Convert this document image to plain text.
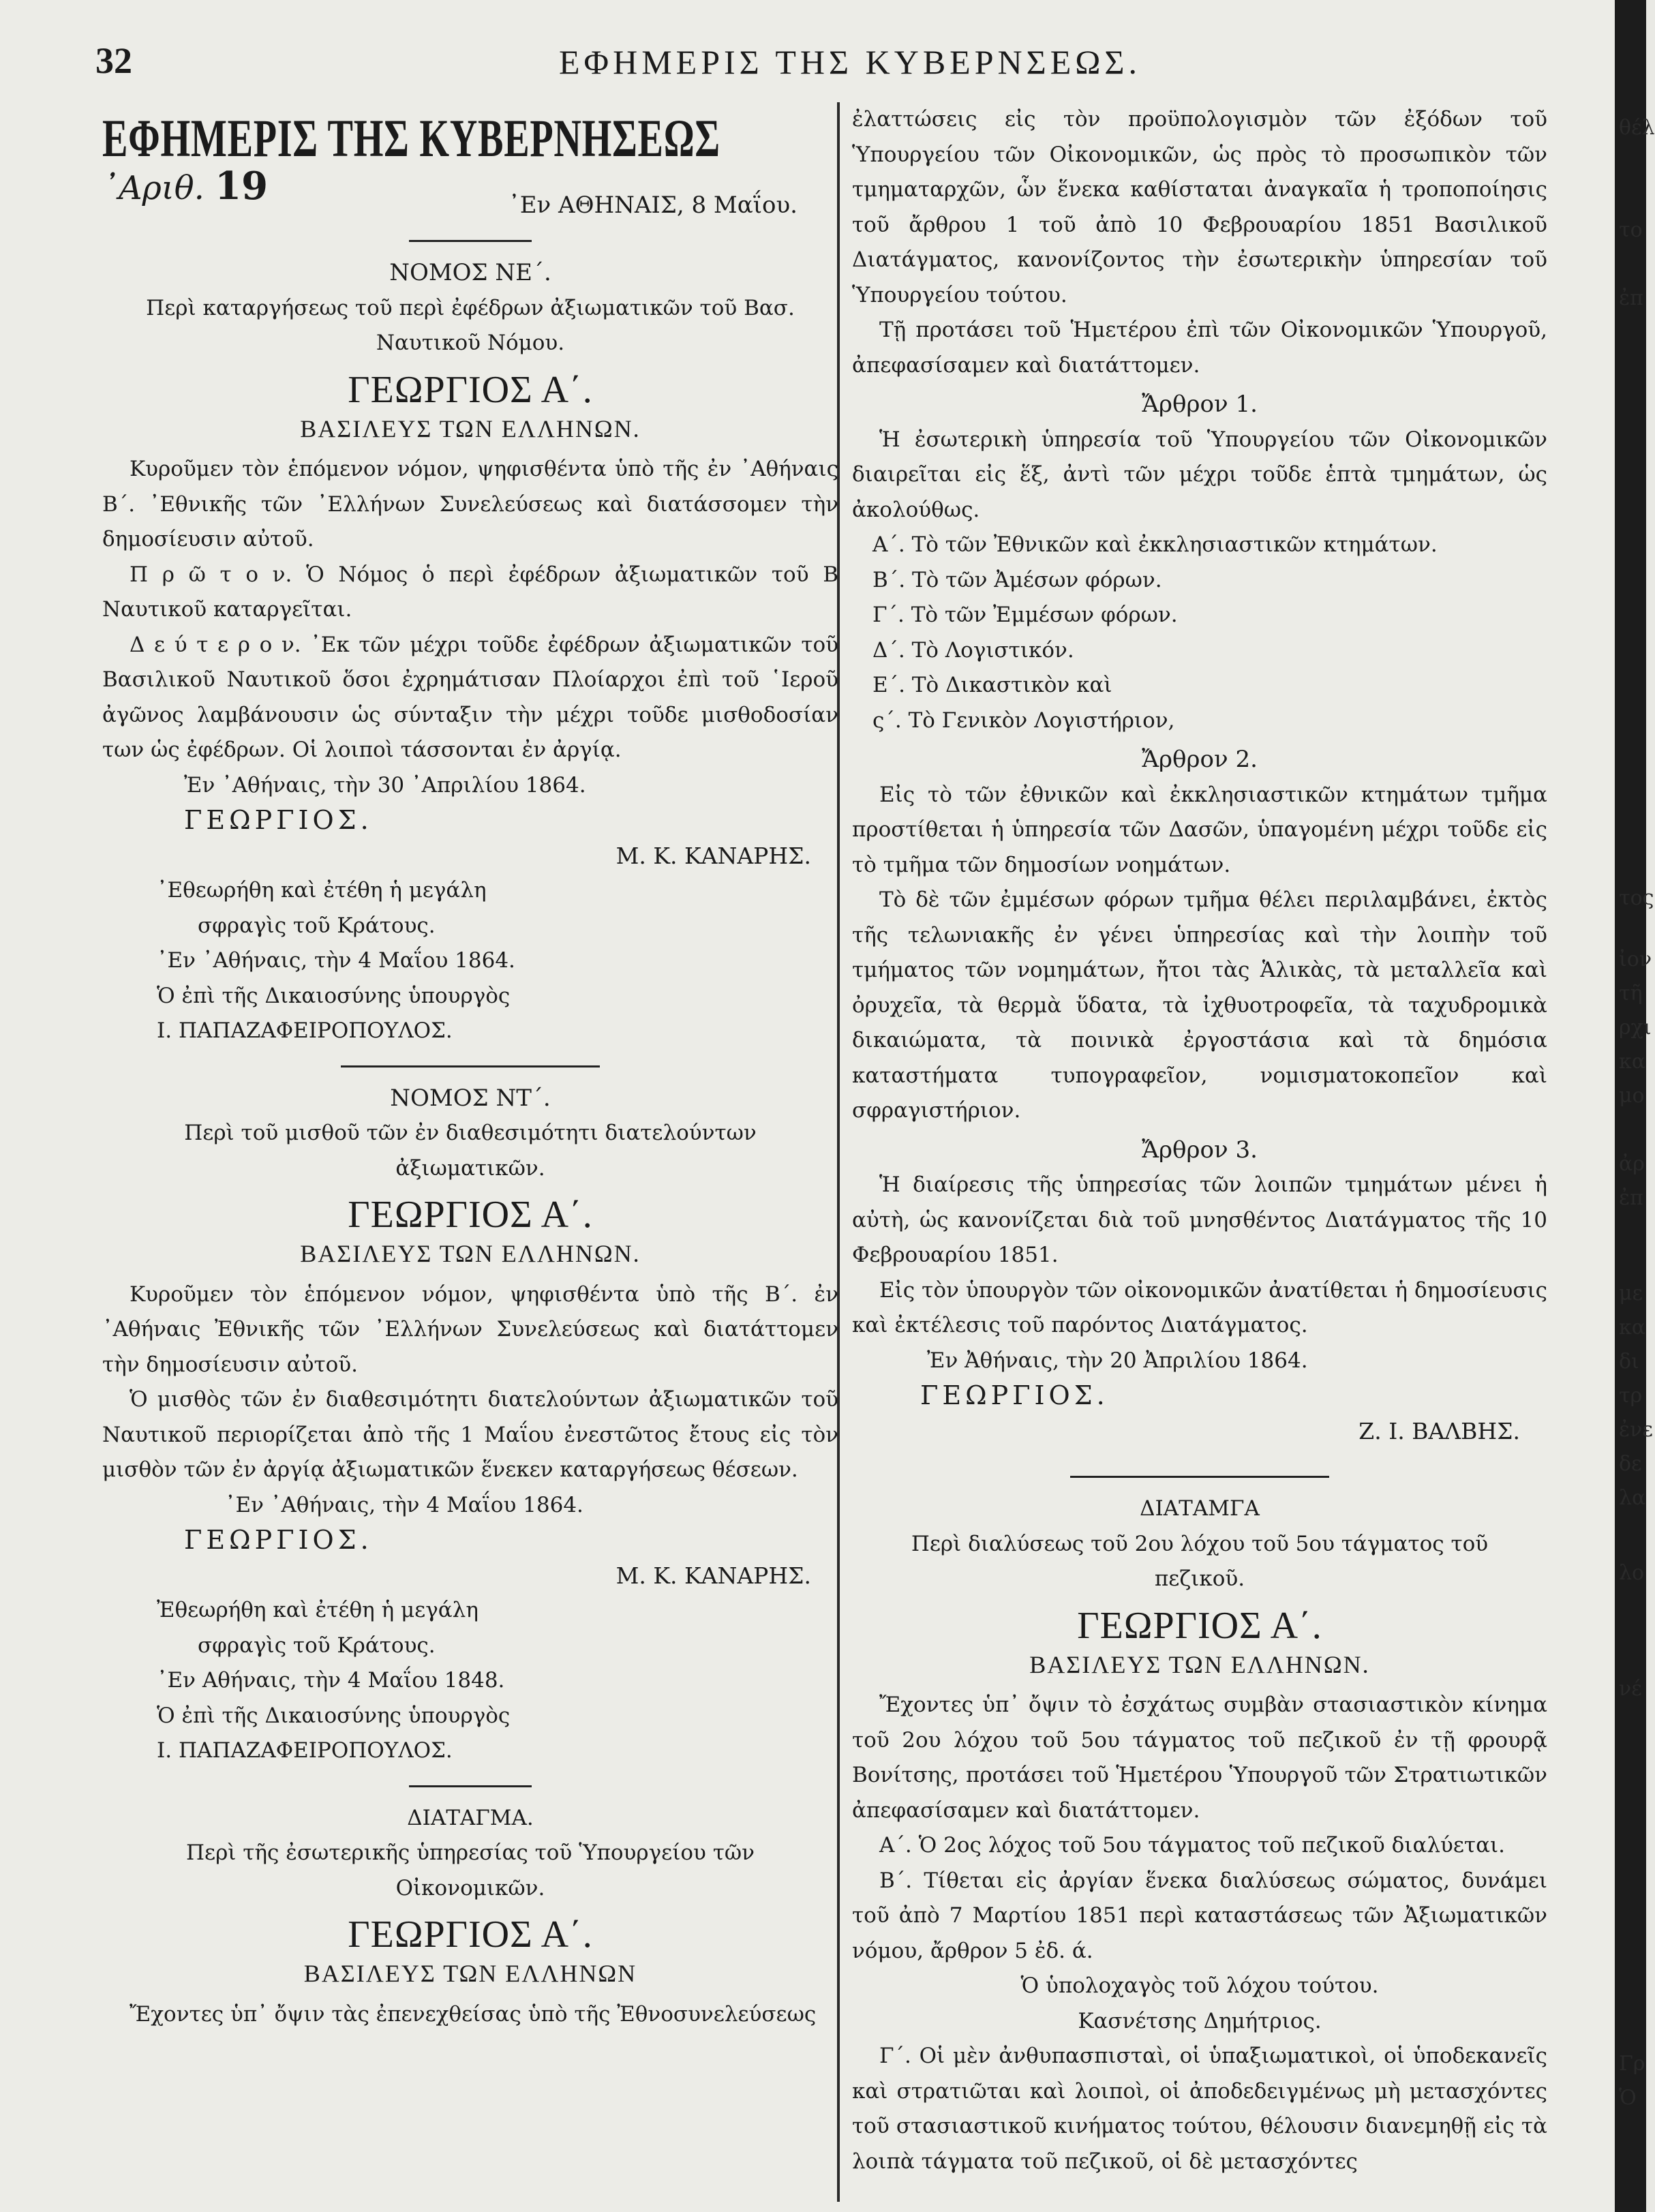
32	ΕΦΗΜΕΡΙΣ ΤΗΣ ΚΥΒΕΡΝΣΕΩΣ.

ΕΦΗΜΕΡΙΣ ΤΗΣ ΚΥΒΕΡΝΗΣΕΩΣ

᾿Αριθ. 19	᾿Εν ΑΘΗΝΑΙΣ, 8 Μαΐου.

ΝΟΜΟΣ ΝΕ΄.

Περὶ καταργήσεως τοῦ περὶ ἐφέδρων ἀξιωματικῶν τοῦ Βασ. Ναυτικοῦ Νόμου.

ΓΕΩΡΓΙΟΣ Α΄.

ΒΑΣΙΛΕΥΣ ΤΩΝ ΕΛΛΗΝΩΝ.

Κυροῦμεν τὸν ἑπόμενον νόμον, ψηφισθέντα ὑπὸ τῆς ἐν ᾿Αθήναις Β΄. ᾿Εθνικῆς τῶν ᾿Ελλήνων Συνελεύσεως καὶ διατάσσομεν τὴν δημοσίευσιν αὐτοῦ.

Π ρ ῶ τ ο ν. Ὁ Νόμος ὁ περὶ ἐφέδρων ἀξιωματικῶν τοῦ Β Ναυτικοῦ καταργεῖται.

Δ ε ύ τ ε ρ ο ν. ᾿Εκ τῶν μέχρι τοῦδε ἐφέδρων ἀξιωματικῶν τοῦ Βασιλικοῦ Ναυτικοῦ ὅσοι ἐχρημάτισαν Πλοίαρχοι ἐπὶ τοῦ ῾Ιεροῦ ἀγῶνος λαμβάνουσιν ὡς σύνταξιν τὴν μέχρι τοῦδε μισθοδοσίαν των ὡς ἐφέδρων. Οἱ λοιποὶ τάσσονται ἐν ἀργίᾳ.

Ἐν ᾿Αθήναις, τὴν 30 ᾿Απριλίου 1864.

ΓΕΩΡΓΙΟΣ.

Μ. Κ. ΚΑΝΑΡΗΣ.

᾿Εθεωρήθη καὶ ἐτέθη ἡ μεγάλη

σφραγὶς τοῦ Κράτους.

᾿Εν ᾿Αθήναις, τὴν 4 Μαΐου 1864.

Ὁ ἐπὶ τῆς Δικαιοσύνης ὑπουργὸς

Ι. ΠΑΠΑΖΑΦΕΙΡΟΠΟΥΛΟΣ.

ΝΟΜΟΣ ΝΤ΄.

Περὶ τοῦ μισθοῦ τῶν ἐν διαθεσιμότητι διατελούντων ἀξιωματικῶν.

ΓΕΩΡΓΙΟΣ Α΄.

ΒΑΣΙΛΕΥΣ ΤΩΝ ΕΛΛΗΝΩΝ.

Κυροῦμεν τὸν ἑπόμενον νόμον, ψηφισθέντα ὑπὸ τῆς Β΄. ἐν ᾿Αθήναις Ἐθνικῆς τῶν ᾿Ελλήνων Συνελεύσεως καὶ διατάττομεν τὴν δημοσίευσιν αὐτοῦ.

Ὁ μισθὸς τῶν ἐν διαθεσιμότητι διατελούντων ἀξιωματικῶν τοῦ Ναυτικοῦ περιορίζεται ἀπὸ τῆς 1 Μαΐου ἐνεστῶτος ἔτους εἰς τὸν μισθὸν τῶν ἐν ἀργίᾳ ἀξιωματικῶν ἕνεκεν καταργήσεως θέσεων.

᾿Εν ᾿Αθήναις, τὴν 4 Μαΐου 1864.

ΓΕΩΡΓΙΟΣ.

Μ. Κ. ΚΑΝΑΡΗΣ.

Ἐθεωρήθη καὶ ἐτέθη ἡ μεγάλη

σφραγὶς τοῦ Κράτους.

᾿Εν Αθήναις, τὴν 4 Μαΐου 1848.

Ὁ ἐπὶ τῆς Δικαιοσύνης ὑπουργὸς

Ι. ΠΑΠΑΖΑΦΕΙΡΟΠΟΥΛΟΣ.

ΔΙΑΤΑΓΜΑ.

Περὶ τῆς ἐσωτερικῆς ὑπηρεσίας τοῦ Ὑπουργείου τῶν Οἰκονομικῶν.

ΓΕΩΡΓΙΟΣ Α΄.

ΒΑΣΙΛΕΥΣ ΤΩΝ ΕΛΛΗΝΩΝ

Ἔχοντες ὑπ᾿ ὄψιν τὰς ἐπενεχθείσας ὑπὸ τῆς Ἐθνοσυνελεύσεως

ἐλαττώσεις εἰς τὸν προϋπολογισμὸν τῶν ἐξόδων τοῦ Ὑπουργείου τῶν Οἰκονομικῶν, ὡς πρὸς τὸ προσωπικὸν τῶν τμηματαρχῶν, ὧν ἕνεκα καθίσταται ἀναγκαῖα ἡ τροποποίησις τοῦ ἄρθρου 1 τοῦ ἀπὸ 10 Φεβρουαρίου 1851 Βασιλικοῦ Διατάγματος, κανονίζοντος τὴν ἐσωτερικὴν ὑπηρεσίαν τοῦ Ὑπουργείου τούτου.

Τῇ προτάσει τοῦ Ἡμετέρου ἐπὶ τῶν Οἰκονομικῶν Ὑπουργοῦ, ἀπεφασίσαμεν καὶ διατάττομεν.

Ἄρθρον 1.

Ἡ ἐσωτερικὴ ὑπηρεσία τοῦ Ὑπουργείου τῶν Οἰκονομικῶν διαιρεῖται εἰς ἕξ, ἀντὶ τῶν μέχρι τοῦδε ἑπτὰ τμημάτων, ὡς ἀκολούθως.

Α΄. Τὸ τῶν Ἐθνικῶν καὶ ἐκκλησιαστικῶν κτημάτων.

Β΄. Τὸ τῶν Ἀμέσων φόρων.

Γ΄. Τὸ τῶν Ἐμμέσων φόρων.

Δ΄. Τὸ Λογιστικόν.

Ε΄. Τὸ Δικαστικὸν καὶ

ς΄. Τὸ Γενικὸν Λογιστήριον,

Ἄρθρον 2.

Εἰς τὸ τῶν ἐθνικῶν καὶ ἐκκλησιαστικῶν κτημάτων τμῆμα προστίθεται ἡ ὑπηρεσία τῶν Δασῶν, ὑπαγομένη μέχρι τοῦδε εἰς τὸ τμῆμα τῶν δημοσίων νοημάτων.

Τὸ δὲ τῶν ἐμμέσων φόρων τμῆμα θέλει περιλαμβάνει, ἐκτὸς τῆς τελωνιακῆς ἐν γένει ὑπηρεσίας καὶ τὴν λοιπὴν τοῦ τμήματος τῶν νομημάτων, ἤτοι τὰς Ἁλικὰς, τὰ μεταλλεῖα καὶ ὀρυχεῖα, τὰ θερμὰ ὕδατα, τὰ ἰχθυοτροφεῖα, τὰ ταχυδρομικὰ δικαιώματα, τὰ ποινικὰ ἐργοστάσια καὶ τὰ δημόσια καταστήματα τυπογραφεῖον, νομισματοκοπεῖον καὶ σφραγιστήριον.

Ἄρθρον 3.

Ἡ διαίρεσις τῆς ὑπηρεσίας τῶν λοιπῶν τμημάτων μένει ἡ αὐτὴ, ὡς κανονίζεται διὰ τοῦ μνησθέντος Διατάγματος τῆς 10 Φεβρουαρίου 1851.

Εἰς τὸν ὑπουργὸν τῶν οἰκονομικῶν ἀνατίθεται ἡ δημοσίευσις καὶ ἐκτέλεσις τοῦ παρόντος Διατάγματος.

Ἐν Ἀθήναις, τὴν 20 Ἀπριλίου 1864.

ΓΕΩΡΓΙΟΣ.

Ζ. Ι. ΒΑΛΒΗΣ.

ΔΙΑΤΑΜΓΑ

Περὶ διαλύσεως τοῦ 2ου λόχου τοῦ 5ου τάγματος τοῦ πεζικοῦ.

ΓΕΩΡΓΙΟΣ Α΄.

ΒΑΣΙΛΕΥΣ ΤΩΝ ΕΛΛΗΝΩΝ.

Ἔχοντες ὑπ᾿ ὄψιν τὸ ἐσχάτως συμβὰν στασιαστικὸν κίνημα τοῦ 2ου λόχου τοῦ 5ου τάγματος τοῦ πεζικοῦ ἐν τῇ φρουρᾷ Βονίτσης, προτάσει τοῦ Ἡμετέρου Ὑπουργοῦ τῶν Στρατιωτικῶν ἀπεφασίσαμεν καὶ διατάττομεν.

Α΄. Ὁ 2ος λόχος τοῦ 5ου τάγματος τοῦ πεζικοῦ διαλύεται.

Β΄. Τίθεται εἰς ἀργίαν ἕνεκα διαλύσεως σώματος, δυνάμει τοῦ ἀπὸ 7 Μαρτίου 1851 περὶ καταστάσεως τῶν Ἀξιωματικῶν νόμου, ἄρθρον 5 ἐδ. ά.

Ὁ ὑπολοχαγὸς τοῦ λόχου τούτου.

Κασνέτσης Δημήτριος.

Γ΄. Οἱ μὲν ἀνθυπασπισταὶ, οἱ ὑπαξιωματικοὶ, οἱ ὑποδεκανεῖς καὶ στρατιῶται καὶ λοιποὶ, οἱ ἀποδεδειγμένως μὴ μετασχόντες τοῦ στασιαστικοῦ κινήματος τούτου, θέλουσιν διανεμηθῇ εἰς τὰ λοιπὰ τάγματα τοῦ πεζικοῦ, οἱ δὲ μετασχόντες

θέλ
το
ἐπ
τος
ἰον
τῆ
ρχι
κα
μο
ἀρ
ἐπ
με
κα
δι
τρ
ἐνε
δε
λα
λο
νέ
Γρ
Ὁ
